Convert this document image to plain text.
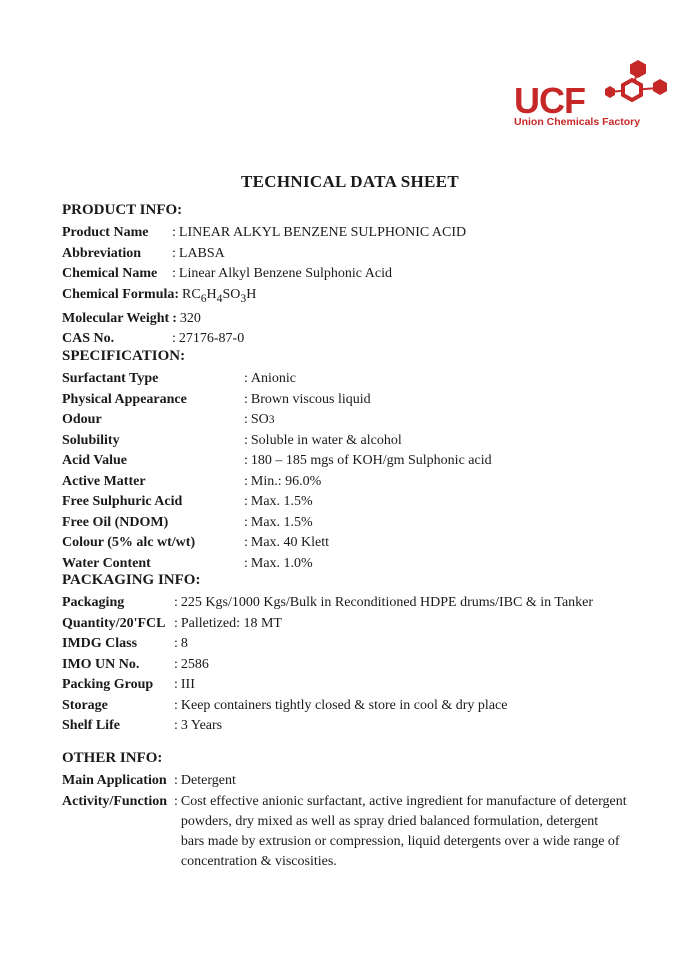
UCF
Union Chemicals Factory
TECHNICAL DATA SHEET
PRODUCT INFO:
Product Name	: LINEAR ALKYL BENZENE SULPHONIC ACID
Abbreviation	: LABSA
Chemical Name	: Linear Alkyl Benzene Sulphonic Acid
Chemical Formula: $RC_6H_4SO_3H$
Molecular Weight : 320
CAS No.	: 27176-87-0
SPECIFICATION:
Surfactant Type	: Anionic
Physical Appearance	: Brown viscous liquid
Odour	: SO 3
Solubility	: Soluble in water & alcohol
Acid Value	: 180 – 185 mgs of KOH/gm Sulphonic acid
Active Matter	: Min.: 96.0%
Free Sulphuric Acid	: Max. 1.5%
Free Oil (NDOM)	: Max. 1.5%
Colour (5% alc wt/wt)	: Max. 40 Klett
Water Content	: Max. 1.0%
PACKAGING INFO:
Packaging	: 225 Kgs/1000 Kgs/Bulk in Reconditioned HDPE drums/IBC & in Tanker
Quantity/20'FCL : Palletized: 18 MT
IMDG Class	: 8
IMO UN No.	: 2586
Packing Group	: III
Storage	: Keep containers tightly closed & store in cool & dry place
Shelf Life	: 3 Years
OTHER INFO:
Main Application : Detergent
Activity/Function : Cost effective anionic surfactant, active ingredient for manufacture of detergent
powders, dry mixed as well as spray dried balanced formulation, detergent
bars made by extrusion or compression, liquid detergents over a wide range of
concentration & viscosities.
